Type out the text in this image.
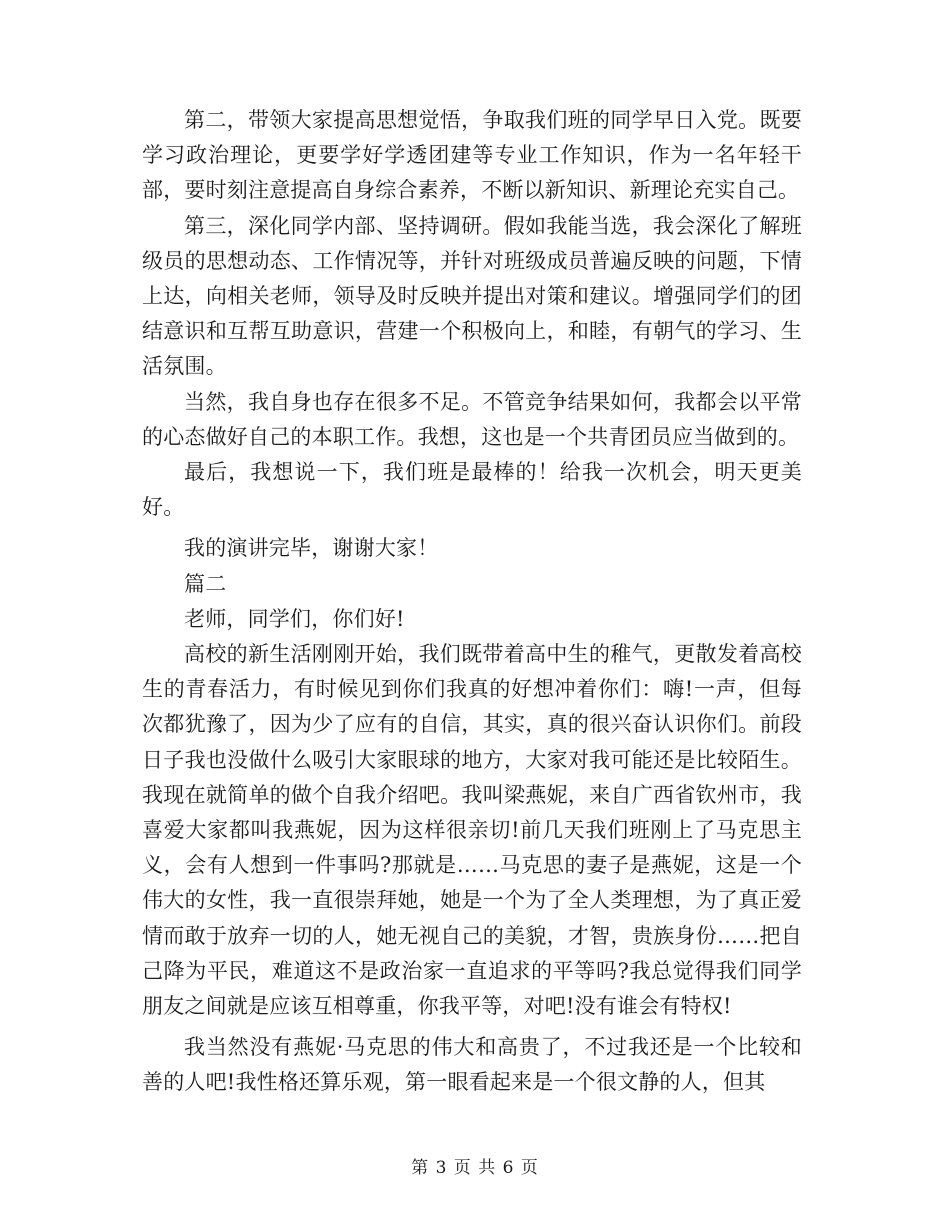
第二，带领大家提高思想觉悟，争取我们班的同学早日入党。既要学习政治理论，更要学好学透团建等专业工作知识，作为一名年轻干部，要时刻注意提高自身综合素养，不断以新知识、新理论充实自己。

第三，深化同学内部、坚持调研。假如我能当选，我会深化了解班级员的思想动态、工作情况等，并针对班级成员普遍反映的问题，下情上达，向相关老师，领导及时反映并提出对策和建议。增强同学们的团结意识和互帮互助意识，营建一个积极向上，和睦，有朝气的学习、生活氛围。

当然，我自身也存在很多不足。不管竞争结果如何，我都会以平常的心态做好自己的本职工作。我想，这也是一个共青团员应当做到的。

最后，我想说一下，我们班是最棒的！给我一次机会，明天更美好。

我的演讲完毕，谢谢大家！

篇二

老师，同学们，你们好!

高校的新生活刚刚开始，我们既带着高中生的稚气，更散发着高校生的青春活力，有时候见到你们我真的好想冲着你们：嗨!一声，但每次都犹豫了，因为少了应有的自信，其实，真的很兴奋认识你们。前段日子我也没做什么吸引大家眼球的地方，大家对我可能还是比较陌生。我现在就简单的做个自我介绍吧。我叫梁燕妮，来自广西省钦州市，我喜爱大家都叫我燕妮，因为这样很亲切!前几天我们班刚上了马克思主义，会有人想到一件事吗?那就是……马克思的妻子是燕妮，这是一个伟大的女性，我一直很崇拜她，她是一个为了全人类理想，为了真正爱情而敢于放弃一切的人，她无视自己的美貌，才智，贵族身份……把自己降为平民，难道这不是政治家一直追求的平等吗?我总觉得我们同学朋友之间就是应该互相尊重，你我平等，对吧!没有谁会有特权!

我当然没有燕妮·马克思的伟大和高贵了，不过我还是一个比较和善的人吧!我性格还算乐观，第一眼看起来是一个很文静的人，但其

第 3 页 共 6 页
